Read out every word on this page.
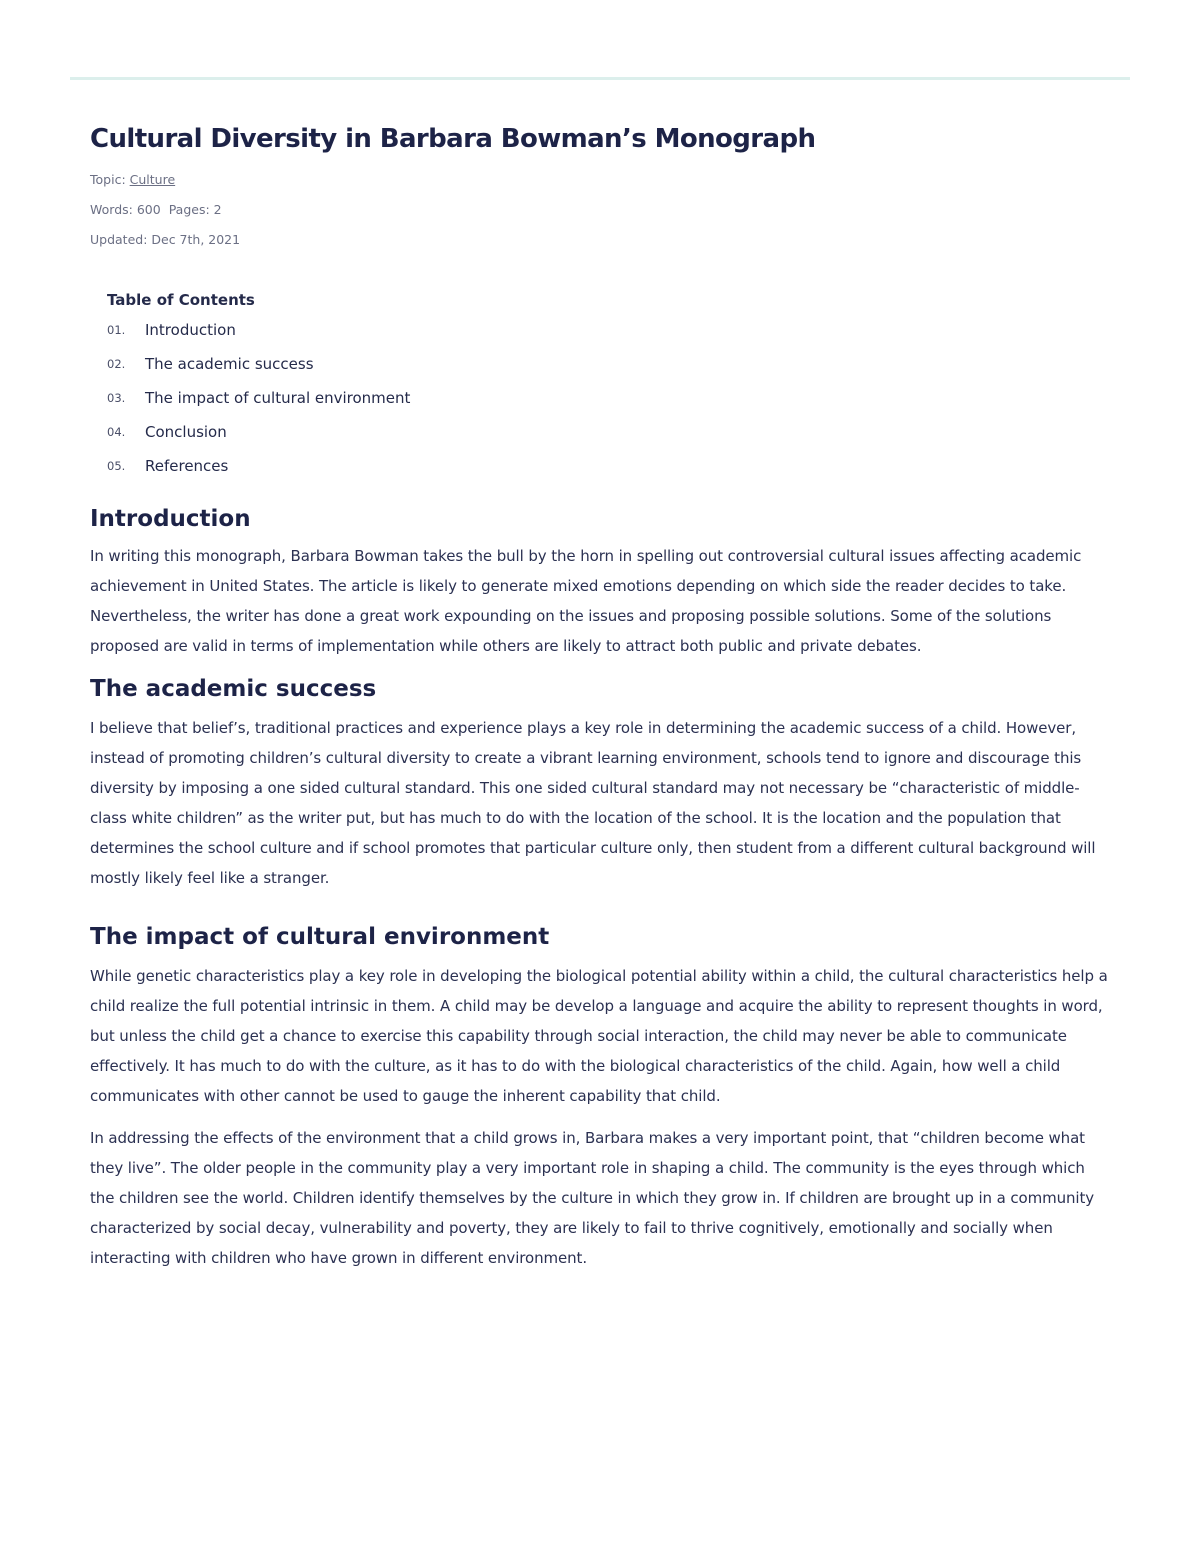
Cultural Diversity in Barbara Bowman’s Monograph
Topic: Culture
Words: 600 Pages: 2
Updated: Dec 7th, 2021
Table of Contents
01.	Introduction
02.	The academic success
03.	The impact of cultural environment
04.	Conclusion
05.	References
Introduction

In writing this monograph, Barbara Bowman takes the bull by the horn in spelling out controversial cultural issues affecting academic achievement in United States. The article is likely to generate mixed emotions depending on which side the reader decides to take. Nevertheless, the writer has done a great work expounding on the issues and proposing possible solutions. Some of the solutions proposed are valid in terms of implementation while others are likely to attract both public and private debates.

The academic success

I believe that belief’s, traditional practices and experience plays a key role in determining the academic success of a child. However, instead of promoting children’s cultural diversity to create a vibrant learning environment, schools tend to ignore and discourage this diversity by imposing a one sided cultural standard. This one sided cultural standard may not necessary be “characteristic of middle-class white children” as the writer put, but has much to do with the location of the school. It is the location and the population that determines the school culture and if school promotes that particular culture only, then student from a different cultural background will mostly likely feel like a stranger.

The impact of cultural environment

While genetic characteristics play a key role in developing the biological potential ability within a child, the cultural characteristics help a child realize the full potential intrinsic in them. A child may be develop a language and acquire the ability to represent thoughts in word, but unless the child get a chance to exercise this capability through social interaction, the child may never be able to communicate effectively. It has much to do with the culture, as it has to do with the biological characteristics of the child. Again, how well a child communicates with other cannot be used to gauge the inherent capability that child.

In addressing the effects of the environment that a child grows in, Barbara makes a very important point, that “children become what they live”. The older people in the community play a very important role in shaping a child. The community is the eyes through which the children see the world. Children identify themselves by the culture in which they grow in. If children are brought up in a community characterized by social decay, vulnerability and poverty, they are likely to fail to thrive cognitively, emotionally and socially when interacting with children who have grown in different environment.
